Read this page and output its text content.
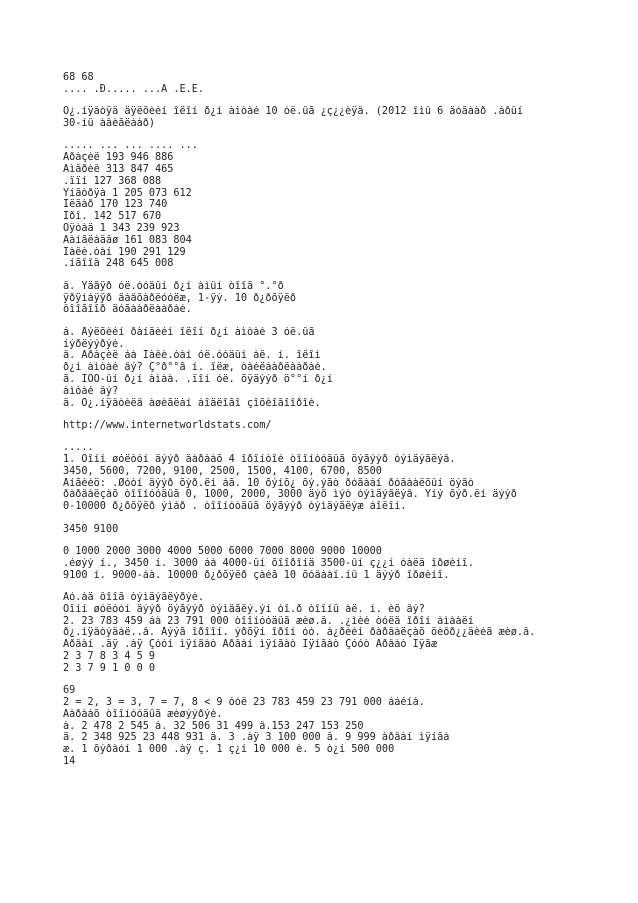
68 68
.... .Ð..... ...Ã .Ê.Ê.
Ö¿.íÿâòÿä äÿëõèéí îëîí ð¿í àìòàé 10 óë.ûã ¿ç¿¿èÿâ. (2012 îìû 6 äóãààð .àðûí
30-íû àâèãëààð)
..... ... ... .... ...
Áðàçèë 193 946 886
Àìåðèê 313 847 465
.ïïí 127 368 088
Ÿíãòðÿà 1 205 073 612
Îëäàð 170 123 740
Îðî. 142 517 670
Õÿòàä 1 343 239 923
Áàíãëàäåø 161 083 804
Ïàêè.òàí 190 291 129
.íãîîâ 248 645 008
ä. Ÿäãÿð óë.óóäûí ð¿í àìûí òîîã °.°ð
ÿðÿíàÿÿð äàâõàðëóóëæ, 1-ÿý. 10 ð¿ðõÿëð
ôîîãîîð äóãààðëààðàé.
á. Åýëõèéí ðàíãèéí îëîí ð¿í àìòàé 3 óë.ûã
íýðëýýðýé.
â. Áðàçèë áà Ïàêè.òàí óë.óóäûí àë. í. îëîí
ð¿í àìòàé âý? Ç°ð°°ã í. îëæ, òàéëáàðëààðàé.
ã. ÎÕÕ-ûí ð¿í àìàà. .ïîí óë. õÿäýýð ö°°í ð¿í
àìòàé âý?
ä. Ö¿.íÿâòéëâ àøèãëàí áîäëîãî çîõèîãîîðîé.
http://www.internetworldstats.com/
.....
1. Ôîíí øóëóóí äýýð äàðààõ 4 îðîíòîé òîîíóóäûã öýãýýð òýìäýãëýâ.
3450, 5600, 7200, 9100, 2500, 1500, 4100, 6700, 8500
Åíãèéö: .Øóóí äýýð õýð.ëí áã. 10 õýíõ¿ õý.ýãò ðóãààí ðóãààëõûí öýãò
ðàðâàëçàõ òîîíóóäûã 0, 1000, 2000, 3000 äýõ ìýò òýìäýãëýâ. Ýíý õýð.ëí äýýð
0-10000 ð¿ðõÿëð ýìàð . òîîíóóäûã öýãýýð òýìäýãëýæ áîëîí.
3450 9100
0 1000 2000 3000 4000 5000 6000 7000 8000 9000 10000
.éøýý í., 3450 í. 3000 áà 4000-ûí õîîðîíä 3500-ûí ç¿¿í òàëä îðøèíî.
9100 í. 9000-áà. 10000 ð¿ðõÿëð çàéã 10 õóâààí.íû 1 äýýð îðøèíî.
Áó.àä ôîîã òýìäýãëýðýé.
Òîíí øóëóóí äýýð öýãýýð òýìäãëý.ýí òî.ð òîîíû àë. í. èô âý?
2. 23 783 459 áà 23 791 000 òîîíóóäûã æèø.å. .¿ìèé òóëä îðîí àìààëí
ð¿.íÿâòýäàë..â. Åýýã îðîîí. ýðõÿí îðîí óó. á¿ðèéí ðàðâàëçàõ öèôð¿¿äèéã æèø.å.
Àðâàí .äÿ .àÿ Çóóí ìÿíãàò Àðâàí ìÿíãàò Ìÿíãàò Çóóò Àðâàò Íÿãæ
2 3 7 8 3 4 5 9
2 3 7 9 1 0 0 0
69
2 = 2, 3 = 3, 7 = 7, 8 < 9 óóë 23 783 459 23 791 000 ááéíà.
Äàðààõ òîîíóóäûã æèøýýðýé.
à. 2 478 2 545 á. 32 506 31 499 â.153 247 153 250
ã. 2 348 925 23 448 931 ä. 3 .àÿ 3 100 000 å. 9 999 àðâàí ìÿíãà
æ. 1 õýðàóí 1 000 .àÿ ç. 1 ç¿í 10 000 è. 5 ò¿í 500 000
14
